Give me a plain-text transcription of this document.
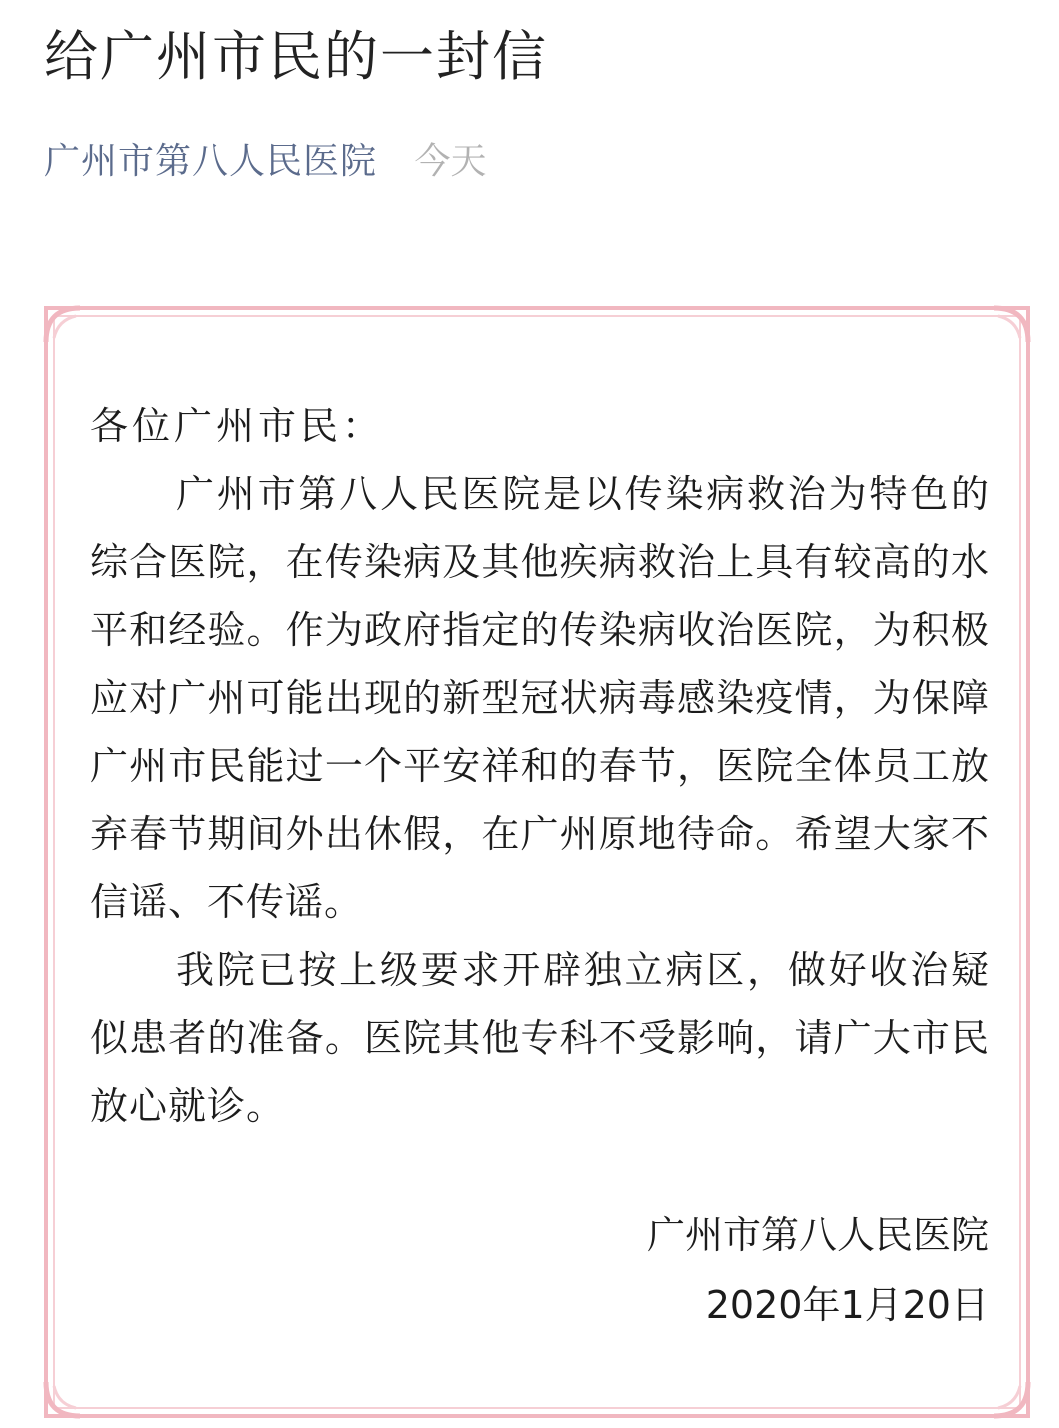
给广州市民的一封信
广州市第八人民医院 今天

各位广州市民：

广州市第八人民医院是以传染病救治为特色的综合医院，在传染病及其他疾病救治上具有较高的水平和经验。作为政府指定的传染病收治医院，为积极应对广州可能出现的新型冠状病毒感染疫情，为保障广州市民能过一个平安祥和的春节，医院全体员工放弃春节期间外出休假，在广州原地待命。希望大家不信谣、不传谣。

我院已按上级要求开辟独立病区，做好收治疑似患者的准备。医院其他专科不受影响，请广大市民放心就诊。

广州市第八人民医院
2020年1月20日
